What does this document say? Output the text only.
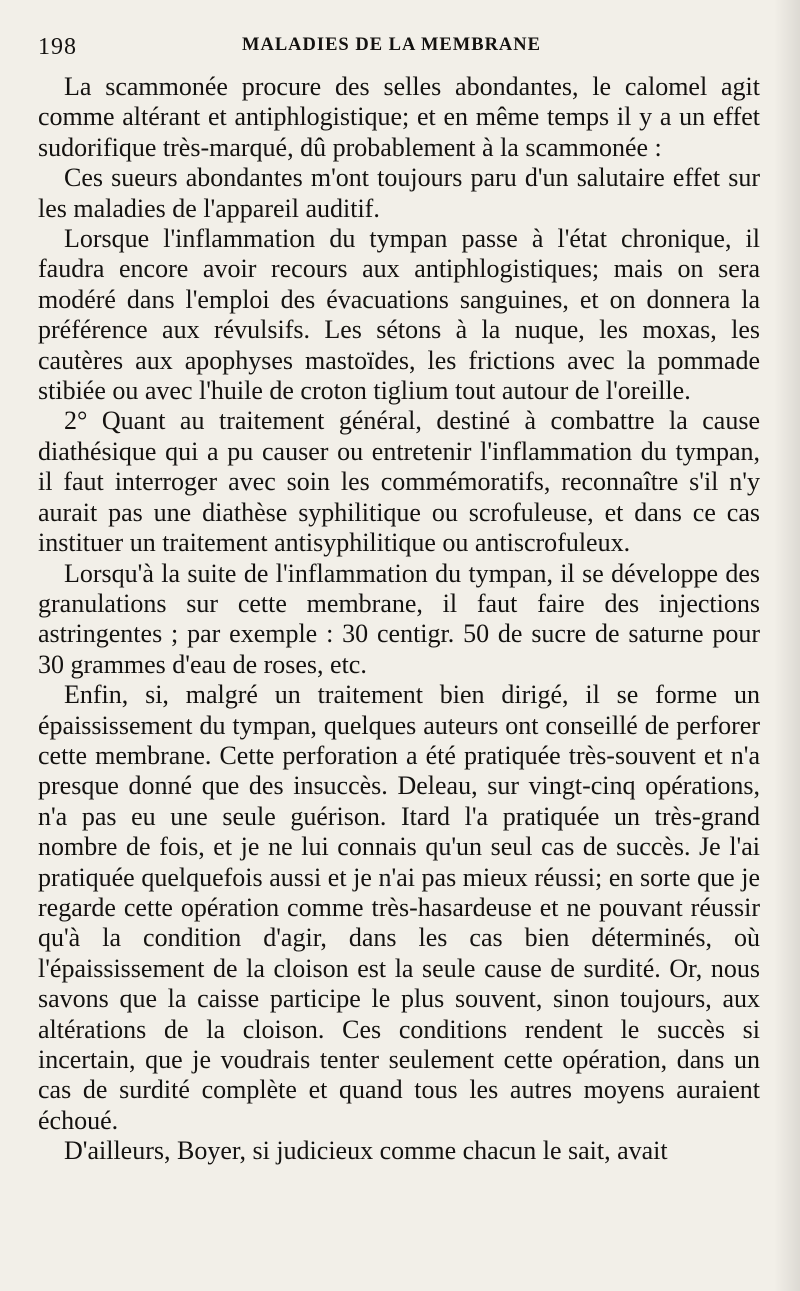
198	MALADIES DE LA MEMBRANE

La scammonée procure des selles abondantes, le calomel agit comme altérant et antiphlogistique; et en même temps il y a un effet sudorifique très-marqué, dû probablement à la scammonée :

Ces sueurs abondantes m'ont toujours paru d'un salutaire effet sur les maladies de l'appareil auditif.

Lorsque l'inflammation du tympan passe à l'état chronique, il faudra encore avoir recours aux antiphlogistiques; mais on sera modéré dans l'emploi des évacuations sanguines, et on donnera la préférence aux révulsifs. Les sétons à la nuque, les moxas, les cautères aux apophyses mastoïdes, les frictions avec la pommade stibiée ou avec l'huile de croton tiglium tout autour de l'oreille.

2° Quant au traitement général, destiné à combattre la cause diathésique qui a pu causer ou entretenir l'inflammation du tympan, il faut interroger avec soin les commémoratifs, reconnaître s'il n'y aurait pas une diathèse syphilitique ou scrofuleuse, et dans ce cas instituer un traitement antisyphilitique ou antiscrofuleux.

Lorsqu'à la suite de l'inflammation du tympan, il se développe des granulations sur cette membrane, il faut faire des injections astringentes ; par exemple : 30 centigr. 50 de sucre de saturne pour 30 grammes d'eau de roses, etc.

Enfin, si, malgré un traitement bien dirigé, il se forme un épaississement du tympan, quelques auteurs ont conseillé de perforer cette membrane. Cette perforation a été pratiquée très-souvent et n'a presque donné que des insuccès. Deleau, sur vingt-cinq opérations, n'a pas eu une seule guérison. Itard l'a pratiquée un très-grand nombre de fois, et je ne lui connais qu'un seul cas de succès. Je l'ai pratiquée quelquefois aussi et je n'ai pas mieux réussi; en sorte que je regarde cette opération comme très-hasardeuse et ne pouvant réussir qu'à la condition d'agir, dans les cas bien déterminés, où l'épaississement de la cloison est la seule cause de surdité. Or, nous savons que la caisse participe le plus souvent, sinon toujours, aux altérations de la cloison. Ces conditions rendent le succès si incertain, que je voudrais tenter seulement cette opération, dans un cas de surdité complète et quand tous les autres moyens auraient échoué.

D'ailleurs, Boyer, si judicieux comme chacun le sait, avait
